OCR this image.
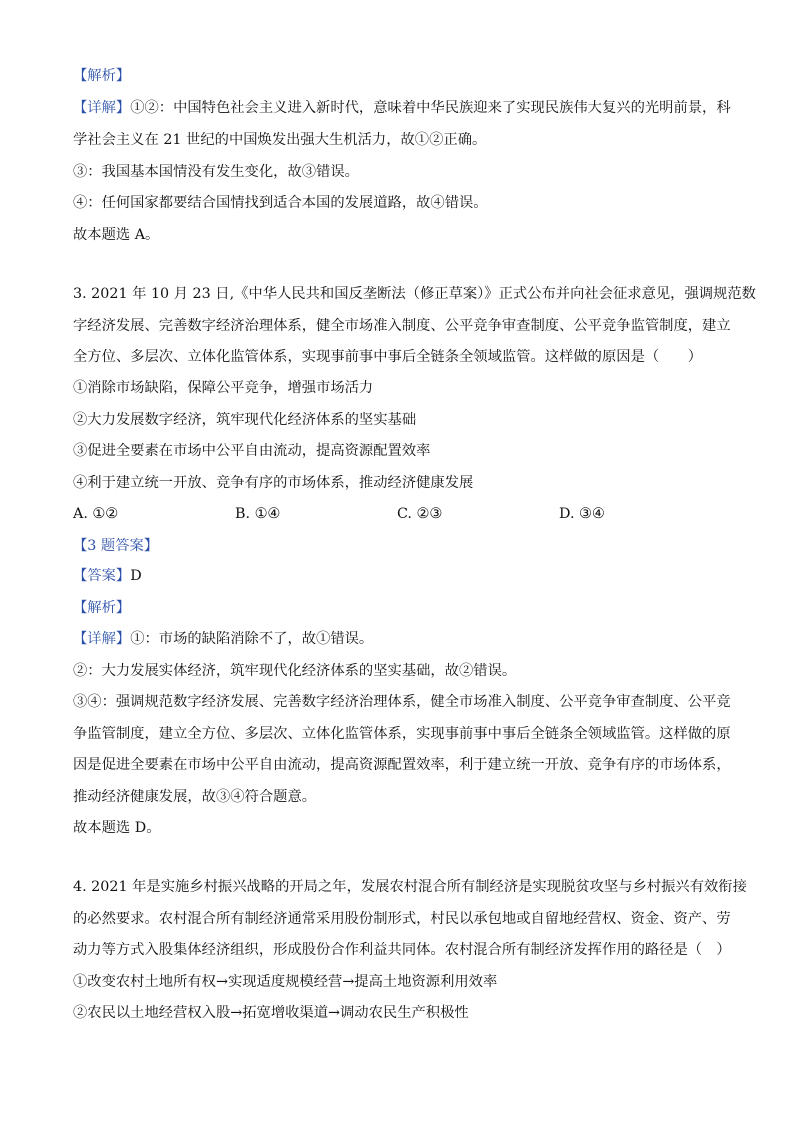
【解析】
【详解】①②：中国特色社会主义进入新时代，意味着中华民族迎来了实现民族伟大复兴的光明前景，科
学社会主义在 21 世纪的中国焕发出强大生机活力，故①②正确。
③：我国基本国情没有发生变化，故③错误。
④：任何国家都要结合国情找到适合本国的发展道路，故④错误。
故本题选 A。
3. 2021 年 10 月 23 日,《中华人民共和国反垄断法（修正草案）》正式公布并向社会征求意见，强调规范数
字经济发展、完善数字经济治理体系，健全市场准入制度、公平竞争审查制度、公平竞争监管制度，建立
全方位、多层次、立体化监管体系，实现事前事中事后全链条全领域监管。这样做的原因是（　　）
①消除市场缺陷，保障公平竞争，增强市场活力
②大力发展数字经济，筑牢现代化经济体系的坚实基础
③促进全要素在市场中公平自由流动，提高资源配置效率
④利于建立统一开放、竞争有序的市场体系，推动经济健康发展
A. ①②	B. ①④	C. ②③	D. ③④
【3 题答案】
【答案】D
【解析】
【详解】①：市场的缺陷消除不了，故①错误。
②：大力发展实体经济，筑牢现代化经济体系的坚实基础，故②错误。
③④：强调规范数字经济发展、完善数字经济治理体系，健全市场准入制度、公平竞争审查制度、公平竞
争监管制度，建立全方位、多层次、立体化监管体系，实现事前事中事后全链条全领域监管。这样做的原
因是促进全要素在市场中公平自由流动，提高资源配置效率，利于建立统一开放、竞争有序的市场体系，
推动经济健康发展，故③④符合题意。
故本题选 D。
4. 2021 年是实施乡村振兴战略的开局之年，发展农村混合所有制经济是实现脱贫攻坚与乡村振兴有效衔接
的必然要求。农村混合所有制经济通常采用股份制形式，村民以承包地或自留地经营权、资金、资产、劳
动力等方式入股集体经济组织，形成股份合作利益共同体。农村混合所有制经济发挥作用的路径是（　）
①改变农村土地所有权→实现适度规模经营→提高土地资源利用效率
②农民以土地经营权入股→拓宽增收渠道→调动农民生产积极性
